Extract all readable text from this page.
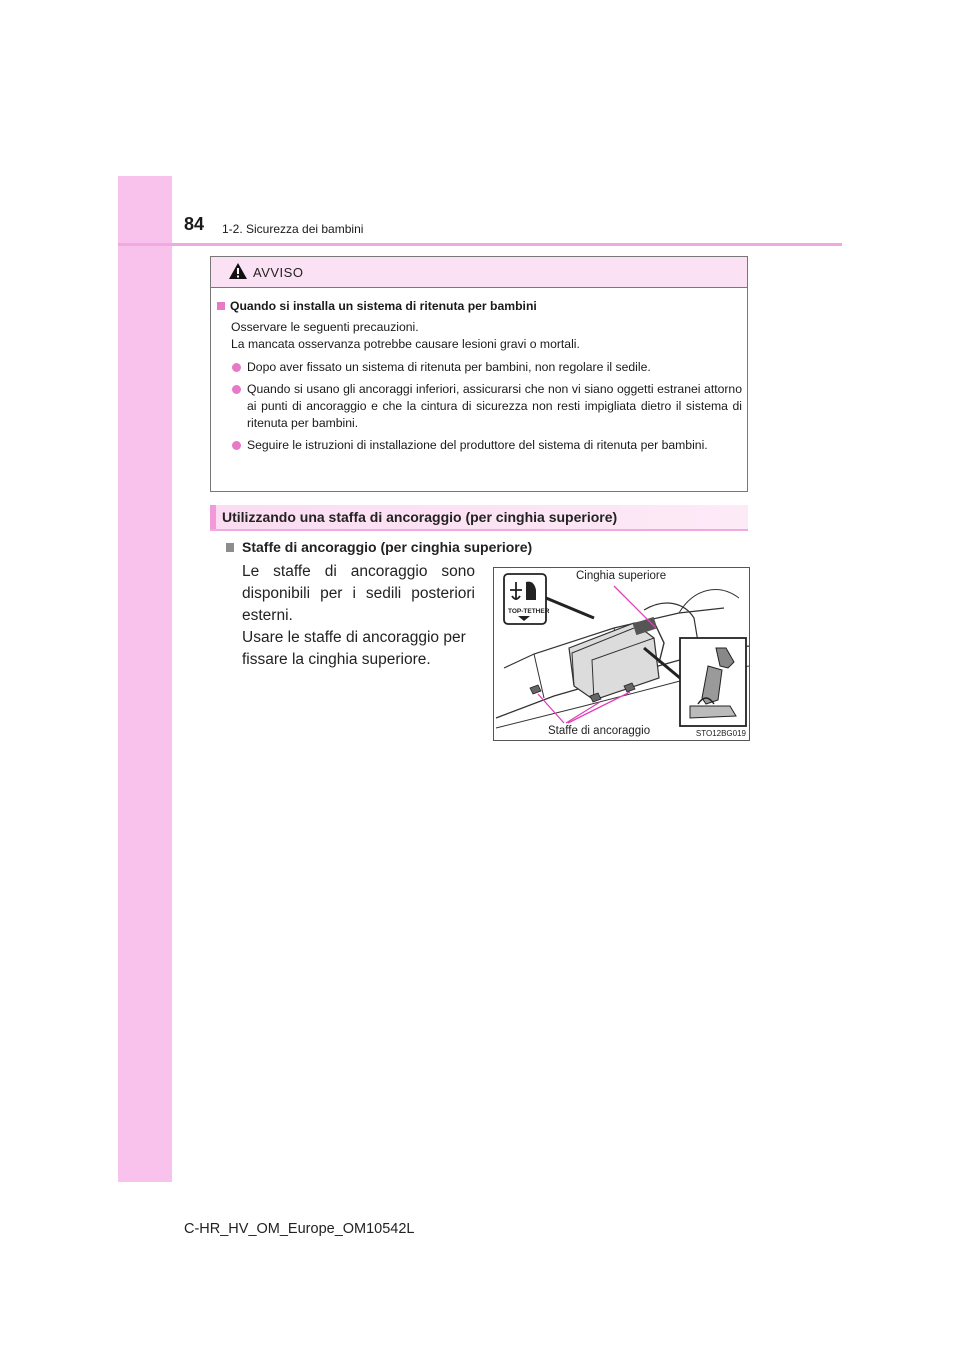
84 1-2. Sicurezza dei bambini
AVVISO
Quando si installa un sistema di ritenuta per bambini
Osservare le seguenti precauzioni.
La mancata osservanza potrebbe causare lesioni gravi o mortali.
Dopo aver fissato un sistema di ritenuta per bambini, non regolare il sedile.
Quando si usano gli ancoraggi inferiori, assicurarsi che non vi siano oggetti estranei attorno ai punti di ancoraggio e che la cintura di sicurezza non resti impigliata dietro il sistema di ritenuta per bambini.
Seguire le istruzioni di installazione del produttore del sistema di ritenuta per bambini.
Utilizzando una staffa di ancoraggio (per cinghia superiore)
Staffe di ancoraggio (per cinghia superiore)
Le staffe di ancoraggio sono disponibili per i sedili posteriori esterni.
Usare le staffe di ancoraggio per fissare la cinghia superiore.
TOP-TETHER
Cinghia superiore
Staffe di ancoraggio	STO12BG019
C-HR_HV_OM_Europe_OM10542L
